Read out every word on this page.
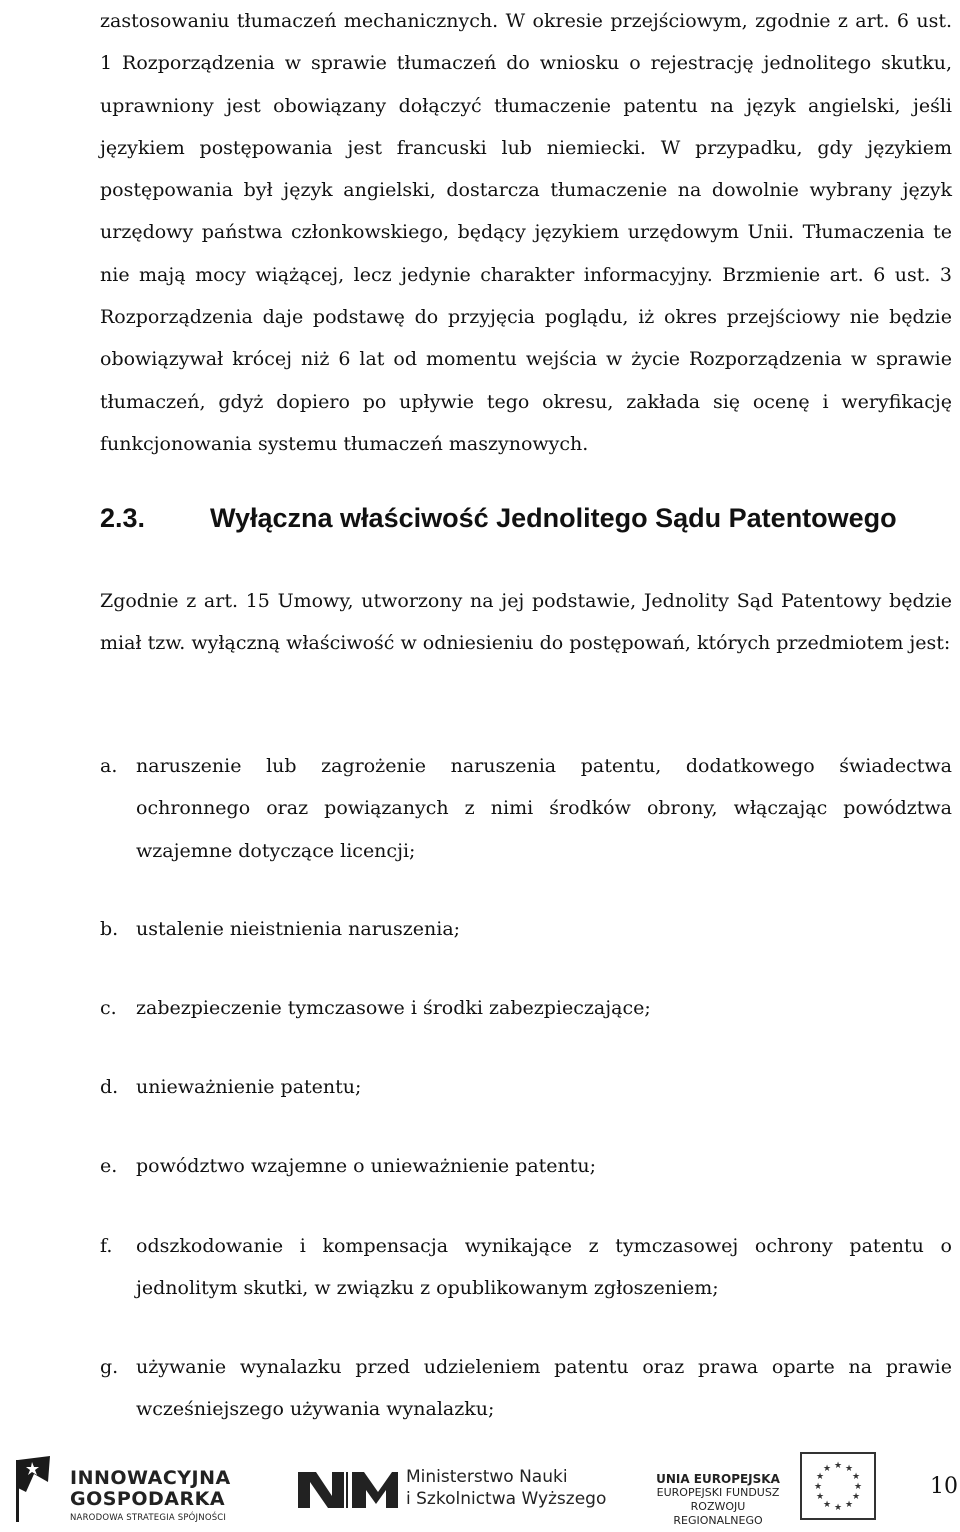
zastosowaniu tłumaczeń mechanicznych. W okresie przejściowym, zgodnie z art. 6 ust. 1 Rozporządzenia w sprawie tłumaczeń do wniosku o rejestrację jednolitego skutku, uprawniony jest obowiązany dołączyć tłumaczenie patentu na język angielski, jeśli językiem postępowania jest francuski lub niemiecki. W przypadku, gdy językiem postępowania był język angielski, dostarcza tłumaczenie na dowolnie wybrany język urzędowy państwa członkowskiego, będący językiem urzędowym Unii. Tłumaczenia te nie mają mocy wiążącej, lecz jedynie charakter informacyjny. Brzmienie art. 6 ust. 3 Rozporządzenia daje podstawę do przyjęcia poglądu, iż okres przejściowy nie będzie obowiązywał krócej niż 6 lat od momentu wejścia w życie Rozporządzenia w sprawie tłumaczeń, gdyż dopiero po upływie tego okresu, zakłada się ocenę i weryfikację funkcjonowania systemu tłumaczeń maszynowych.

2.3. Wyłączna właściwość Jednolitego Sądu Patentowego

Zgodnie z art. 15 Umowy, utworzony na jej podstawie, Jednolity Sąd Patentowy będzie miał tzw. wyłączną właściwość w odniesieniu do postępowań, których przedmiotem jest:

a. naruszenie lub zagrożenie naruszenia patentu, dodatkowego świadectwa ochronnego oraz powiązanych z nimi środków obrony, włączając powództwa wzajemne dotyczące licencji;
b. ustalenie nieistnienia naruszenia;
c.	zabezpieczenie tymczasowe i środki zabezpieczające;
d. unieważnienie patentu;
e. powództwo wzajemne o unieważnienie patentu;
f.	odszkodowanie i kompensacja wynikające z tymczasowej ochrony patentu o jednolitym skutki, w związku z opublikowanym zgłoszeniem;
g. używanie wynalazku przed udzieleniem patentu oraz prawa oparte na prawie wcześniejszego używania wynalazku;
INNOWACYJNA
GOSPODARKA
NARODOWA STRATEGIA SPÓJNOŚCI
Ministerstwo Nauki
i Szkolnictwa Wyższego
UNIA EUROPEJSKA
EUROPEJSKI FUNDUSZ
ROZWOJU REGIONALNEGO
★ ★
★
★
★
★
★
★
★
★
★
★
10
